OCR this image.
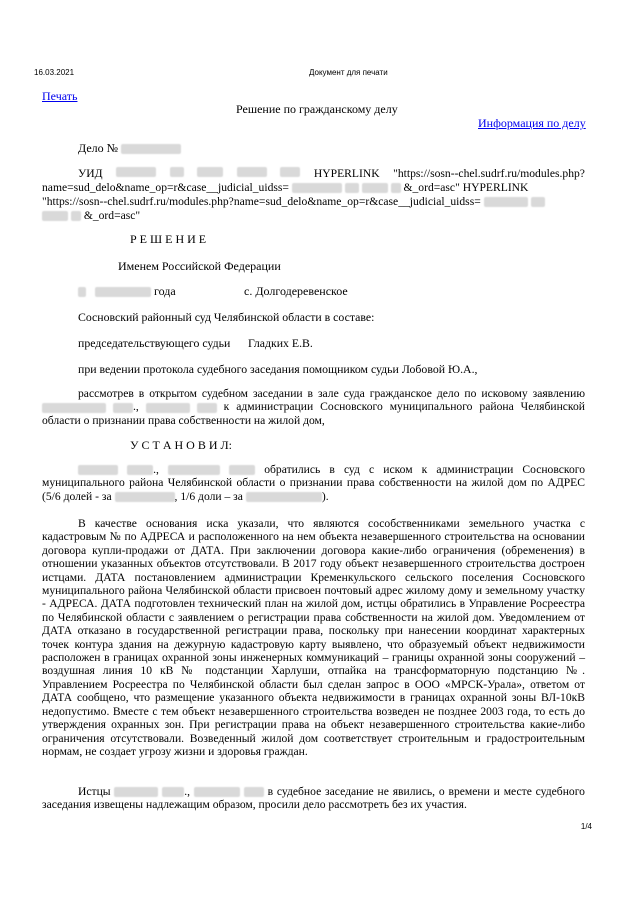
16.03.2021	Документ для печати
Печать
Решение по гражданскому делу
Информация по делу
Дело №
УИД	HYPERLINK "https://sosn--chel.sudrf.ru/modules.php?
name=sud_delo&name_op=r&case__judicial_uidss=	&_ord=asc" HYPERLINK
"https://sosn--chel.sudrf.ru/modules.php?name=sud_delo&name_op=r&case__judicial_uidss=
&_ord=asc"
Р Е Ш Е Н И Е
Именем Российской Федерации
года	с. Долгодеревенское
Сосновский районный суд Челябинской области в составе:
председательствующего судьи      Гладких Е.В.
при ведении протокола судебного заседания помощником судьи Лобовой Ю.А.,

рассмотрев в открытом судебном заседании в зале суда гражданское дело по исковому заявлению  .,	к администрации Сосновского муниципального района Челябинской области о признании права собственности на жилой дом,

У С Т А Н О В И Л:

.,	обратились в суд с иском к администрации Сосновского муниципального района Челябинской области о признании права собственности на жилой дом по АДРЕС (5/6 долей - за	, 1/6 доли – за	).

В качестве основания иска указали, что являются сособственниками земельного участка с кадастровым № по АДРЕСА и расположенного на нем объекта незавершенного строительства на основании договора купли-продажи от ДАТА. При заключении договора какие-либо ограничения (обременения) в отношении указанных объектов отсутствовали. В 2017 году объект незавершенного строительства достроен истцами. ДАТА постановлением администрации Кременкульского сельского поселения Сосновского муниципального района Челябинской области присвоен почтовый адрес жилому дому и земельному участку - АДРЕСА. ДАТА подготовлен технический план на жилой дом, истцы обратились в Управление Росреестра по Челябинской области с заявлением о регистрации права собственности на жилой дом. Уведомлением от ДАТА отказано в государственной регистрации права, поскольку при нанесении координат характерных точек контура здания на дежурную кадастровую карту выявлено, что образуемый объект недвижимости расположен в границах охранной зоны инженерных коммуникаций – границы охранной зоны сооружений – воздушная линия 10 кВ № подстанции Харлуши, отпайка на трансформаторную подстанцию №. Управлением Росреестра по Челябинской области был сделан запрос в ООО «МРСК-Урала», ответом от ДАТА сообщено, что размещение указанного объекта недвижимости в границах охранной зоны ВЛ-10кВ недопустимо. Вместе с тем объект незавершенного строительства возведен не позднее 2003 года, то есть до утверждения охранных зон. При регистрации права на объект незавершенного строительства какие-либо ограничения отсутствовали. Возведенный жилой дом соответствует строительным и градостроительным нормам, не создает угрозу жизни и здоровья граждан.

Истцы	.,	в судебное заседание не явились, о времени и месте судебного заседания извещены надлежащим образом, просили дело рассмотреть без их участия.

1/4
